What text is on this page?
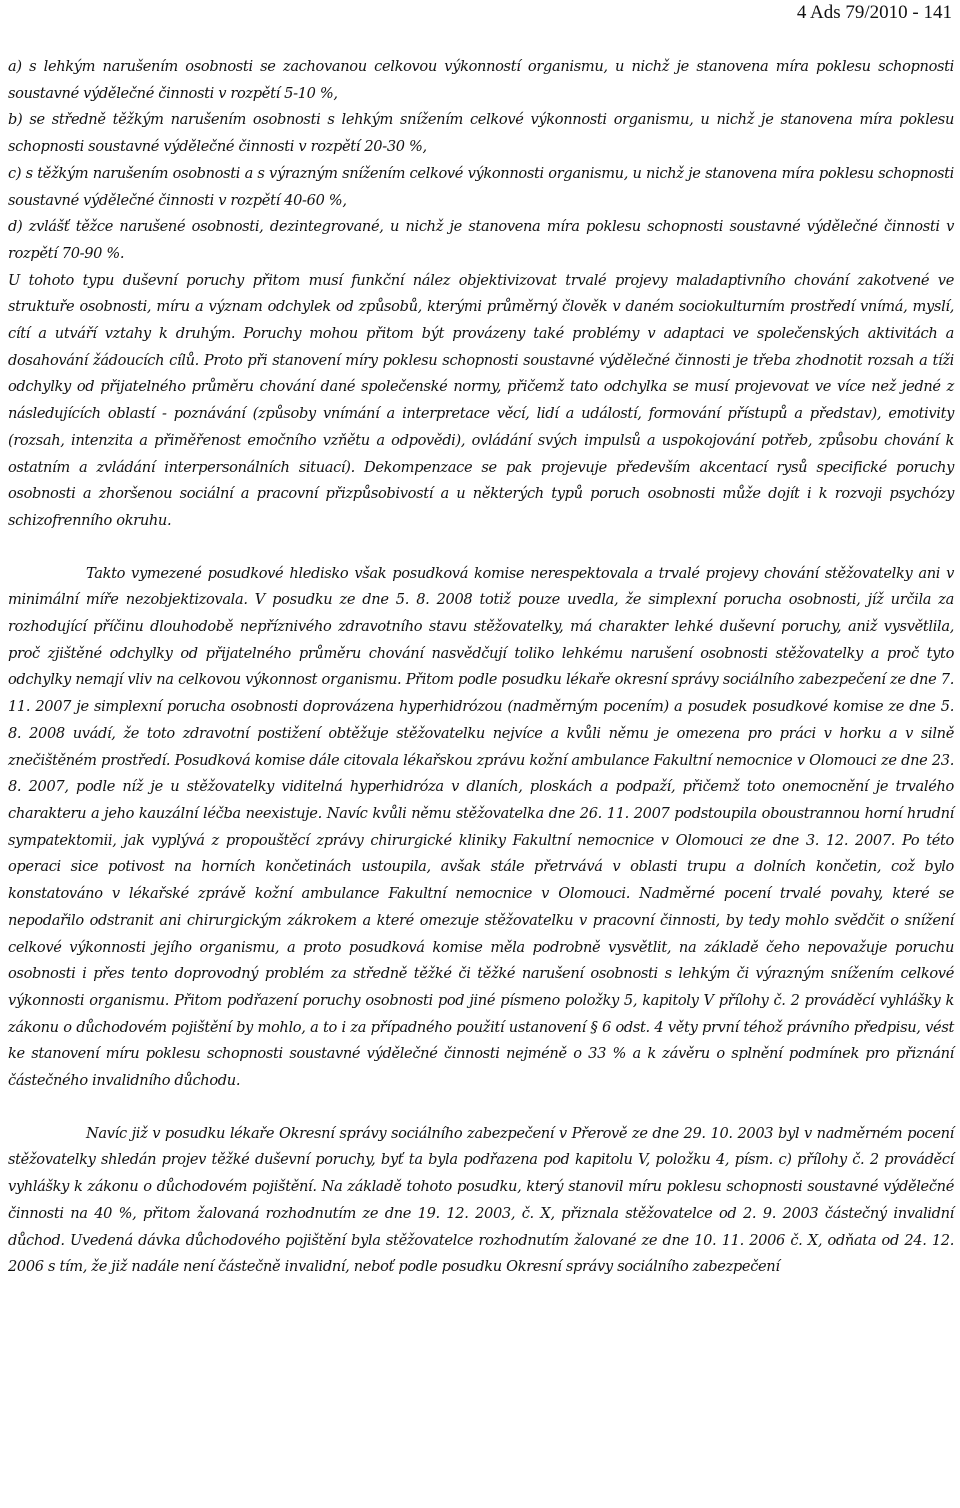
4 Ads 79/2010 - 141

a) s lehkým narušením osobnosti se zachovanou celkovou výkonností organismu, u nichž je stanovena míra poklesu schopnosti soustavné výdělečné činnosti v rozpětí 5-10 %,

b) se středně těžkým narušením osobnosti s lehkým snížením celkové výkonnosti organismu, u nichž je stanovena míra poklesu schopnosti soustavné výdělečné činnosti v rozpětí 20-30 %,

c) s těžkým narušením osobnosti a s výrazným snížením celkové výkonnosti organismu, u nichž je stanovena míra poklesu schopnosti soustavné výdělečné činnosti v rozpětí 40-60 %,

d) zvlášť těžce narušené osobnosti, dezintegrované, u nichž je stanovena míra poklesu schopnosti soustavné výdělečné činnosti v rozpětí 70-90 %.

U tohoto typu duševní poruchy přitom musí funkční nález objektivizovat trvalé projevy maladaptivního chování zakotvené ve struktuře osobnosti, míru a význam odchylek od způsobů, kterými průměrný člověk v daném sociokulturním prostředí vnímá, myslí, cítí a utváří vztahy k druhým. Poruchy mohou přitom být provázeny také problémy v adaptaci ve společenských aktivitách a dosahování žádoucích cílů. Proto při stanovení míry poklesu schopnosti soustavné výdělečné činnosti je třeba zhodnotit rozsah a tíži odchylky od přijatelného průměru chování dané společenské normy, přičemž tato odchylka se musí projevovat ve více než jedné z následujících oblastí - poznávání (způsoby vnímání a interpretace věcí, lidí a událostí, formování přístupů a představ), emotivity (rozsah, intenzita a přiměřenost emočního vzňětu a odpovědi), ovládání svých impulsů a uspokojování potřeb, způsobu chování k ostatním a zvládání interpersonálních situací). Dekompenzace se pak projevuje především akcentací rysů specifické poruchy osobnosti a zhoršenou sociální a pracovní přizpůsobivostí a u některých typů poruch osobnosti může dojít i k rozvoji psychózy schizofrenního okruhu.

Takto vymezené posudkové hledisko však posudková komise nerespektovala a trvalé projevy chování stěžovatelky ani v minimální míře nezobjektizovala. V posudku ze dne 5. 8. 2008 totiž pouze uvedla, že simplexní porucha osobnosti, jíž určila za rozhodující příčinu dlouhodobě nepříznivého zdravotního stavu stěžovatelky, má charakter lehké duševní poruchy, aniž vysvětlila, proč zjištěné odchylky od přijatelného průměru chování nasvědčují toliko lehkému narušení osobnosti stěžovatelky a proč tyto odchylky nemají vliv na celkovou výkonnost organismu. Přitom podle posudku lékaře okresní správy sociálního zabezpečení ze dne 7. 11. 2007 je simplexní porucha osobnosti doprovázena hyperhidrózou (nadměrným pocením) a posudek posudkové komise ze dne 5. 8. 2008 uvádí, že toto zdravotní postižení obtěžuje stěžovatelku nejvíce a kvůli němu je omezena pro práci v horku a v silně znečištěném prostředí. Posudková komise dále citovala lékařskou zprávu kožní ambulance Fakultní nemocnice v Olomouci ze dne 23. 8. 2007, podle níž je u stěžovatelky viditelná hyperhidróza v dlaních, ploskách a podpaží, přičemž toto onemocnění je trvalého charakteru a jeho kauzální léčba neexistuje. Navíc kvůli němu stěžovatelka dne 26. 11. 2007 podstoupila oboustrannou horní hrudní sympatektomii, jak vyplývá z propouštěcí zprávy chirurgické kliniky Fakultní nemocnice v Olomouci ze dne 3. 12. 2007. Po této operaci sice potivost na horních končetinách ustoupila, avšak stále přetrvává v oblasti trupu a dolních končetin, což bylo konstatováno v lékařské zprávě kožní ambulance Fakultní nemocnice v Olomouci. Nadměrné pocení trvalé povahy, které se nepodařilo odstranit ani chirurgickým zákrokem a které omezuje stěžovatelku v pracovní činnosti, by tedy mohlo svědčit o snížení celkové výkonnosti jejího organismu, a proto posudková komise měla podrobně vysvětlit, na základě čeho nepovažuje poruchu osobnosti i přes tento doprovodný problém za středně těžké či těžké narušení osobnosti s lehkým či výrazným snížením celkové výkonnosti organismu. Přitom podřazení poruchy osobnosti pod jiné písmeno položky 5, kapitoly V přílohy č. 2 prováděcí vyhlášky k zákonu o důchodovém pojištění by mohlo, a to i za případného použití ustanovení § 6 odst. 4 věty první téhož právního předpisu, vést ke stanovení míru poklesu schopnosti soustavné výdělečné činnosti nejméně o 33 % a k závěru o splnění podmínek pro přiznání částečného invalidního důchodu.

Navíc již v posudku lékaře Okresní správy sociálního zabezpečení v Přerově ze dne 29. 10. 2003 byl v nadměrném pocení stěžovatelky shledán projev těžké duševní poruchy, byť ta byla podřazena pod kapitolu V, položku 4, písm. c) přílohy č. 2 prováděcí vyhlášky k zákonu o důchodovém pojištění. Na základě tohoto posudku, který stanovil míru poklesu schopnosti soustavné výdělečné činnosti na 40 %, přitom žalovaná rozhodnutím ze dne 19. 12. 2003, č. X, přiznala stěžovatelce od 2. 9. 2003 částečný invalidní důchod. Uvedená dávka důchodového pojištění byla stěžovatelce rozhodnutím žalované ze dne 10. 11. 2006 č. X, odňata od 24. 12. 2006 s tím, že již nadále není částečně invalidní, neboť podle posudku Okresní správy sociálního zabezpečení
